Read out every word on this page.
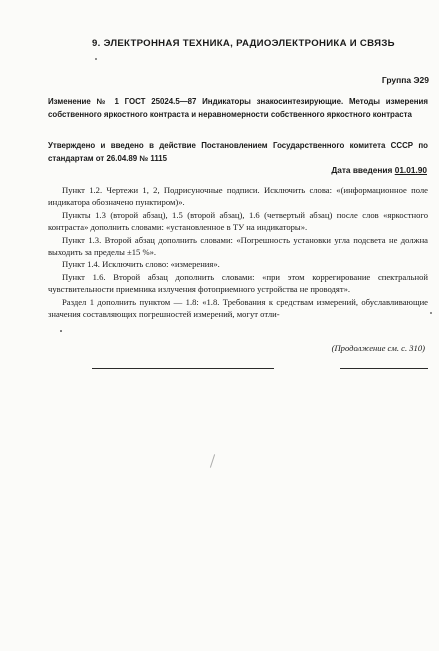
9. ЭЛЕКТРОННАЯ ТЕХНИКА, РАДИОЭЛЕКТРОНИКА И СВЯЗЬ
Группа Э29
Изменение № 1 ГОСТ 25024.5—87 Индикаторы знакосинтезирующие. Методы измерения собственного яркостного контраста и неравномерности собственного яркостного контраста
Утверждено и введено в действие Постановлением Государственного комитета СССР по стандартам от 26.04.89 № 1115
Дата введения 01.01.90

Пункт 1.2. Чертежи 1, 2, Подрисуночные подписи. Исключить слова: «(информационное поле индикатора обозначено пунктиром)».

Пункты 1.3 (второй абзац), 1.5 (второй абзац), 1.6 (четвертый абзац) после слов «яркостного контраста» дополнить словами: «установленное в ТУ на индикаторы».

Пункт 1.3. Второй абзац дополнить словами: «Погрешность установки угла подсвета не должна выходить за пределы ±15 %».

Пункт 1.4. Исключить слово: «измерения».

Пункт 1.6. Второй абзац дополнить словами: «при этом коррегирование спектральной чувствительности приемника излучения фотоприемного устройства не проводят».

Раздел 1 дополнить пунктом — 1.8: «1.8. Требования к средствам измерений, обуславливающие значения составляющих погрешностей измерений, могут отли-

(Продолжение см. с. 310)
